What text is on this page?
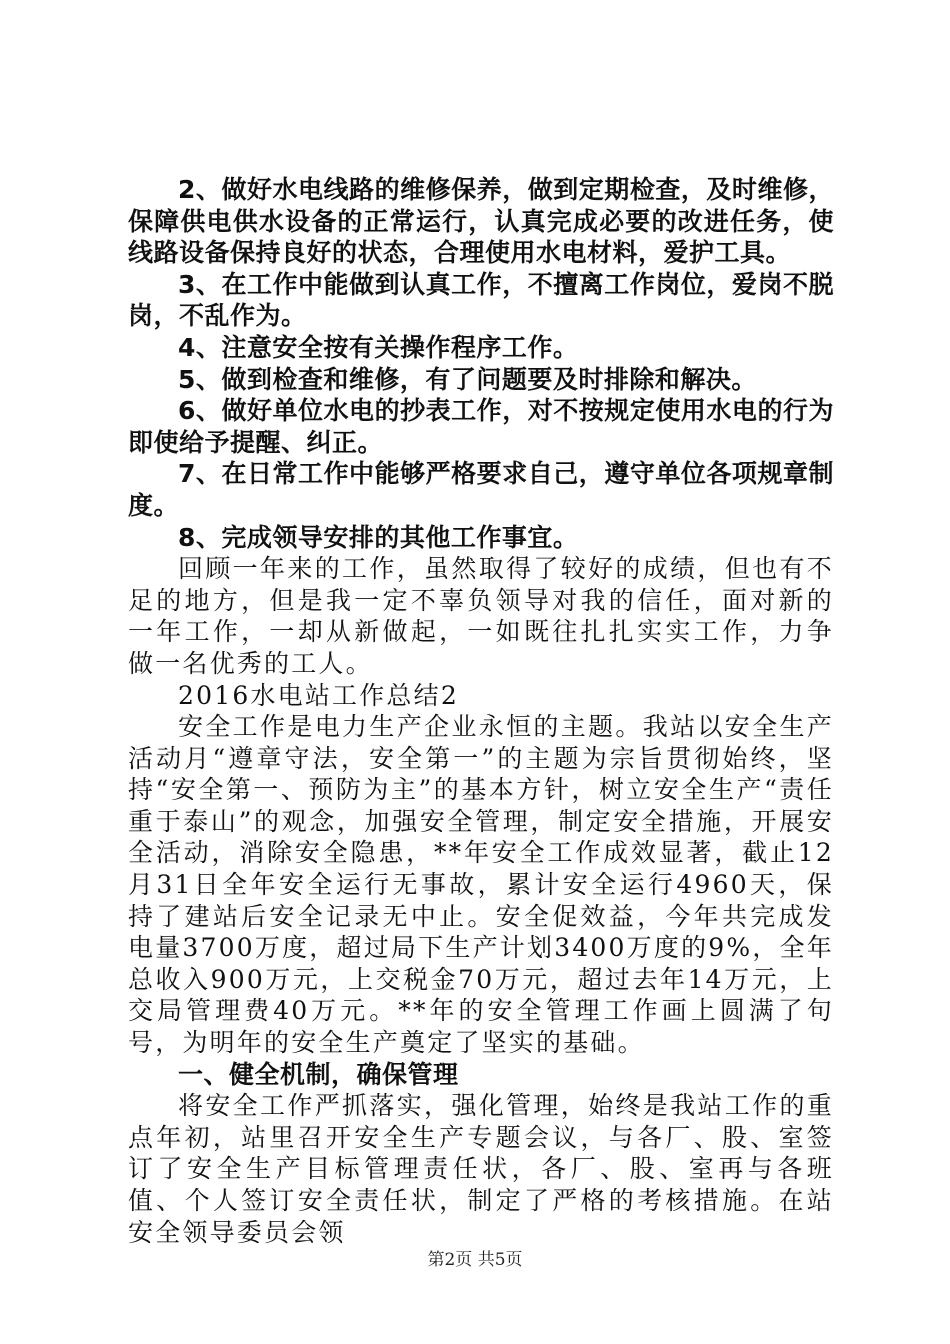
2、做好水电线路的维修保养，做到定期检查，及时维修，保障供电供水设备的正常运行，认真完成必要的改进任务，使线路设备保持良好的状态，合理使用水电材料，爱护工具。

3、在工作中能做到认真工作，不擅离工作岗位，爱岗不脱岗，不乱作为。

4、注意安全按有关操作程序工作。

5、做到检查和维修，有了问题要及时排除和解决。

6、做好单位水电的抄表工作，对不按规定使用水电的行为即使给予提醒、纠正。

7、在日常工作中能够严格要求自己，遵守单位各项规章制度。

8、完成领导安排的其他工作事宜。

回顾一年来的工作，虽然取得了较好的成绩，但也有不足的地方，但是我一定不辜负领导对我的信任，面对新的一年工作，一却从新做起，一如既往扎扎实实工作，力争做一名优秀的工人。

2016水电站工作总结2

安全工作是电力生产企业永恒的主题。我站以安全生产活动月“遵章守法，安全第一”的主题为宗旨贯彻始终，坚持“安全第一、预防为主”的基本方针，树立安全生产“责任重于泰山”的观念，加强安全管理，制定安全措施，开展安全活动，消除安全隐患，**年安全工作成效显著，截止12月31日全年安全运行无事故，累计安全运行4960天，保持了建站后安全记录无中止。安全促效益，今年共完成发电量3700万度，超过局下生产计划3400万度的9%，全年总收入900万元，上交税金70万元，超过去年14万元，上交局管理费40万元。**年的安全管理工作画上圆满了句号，为明年的安全生产奠定了坚实的基础。

一、健全机制，确保管理

将安全工作严抓落实，强化管理，始终是我站工作的重点年初，站里召开安全生产专题会议，与各厂、股、室签订了安全生产目标管理责任状，各厂、股、室再与各班值、个人签订安全责任状，制定了严格的考核措施。在站安全领导委员会领

第2页 共5页
